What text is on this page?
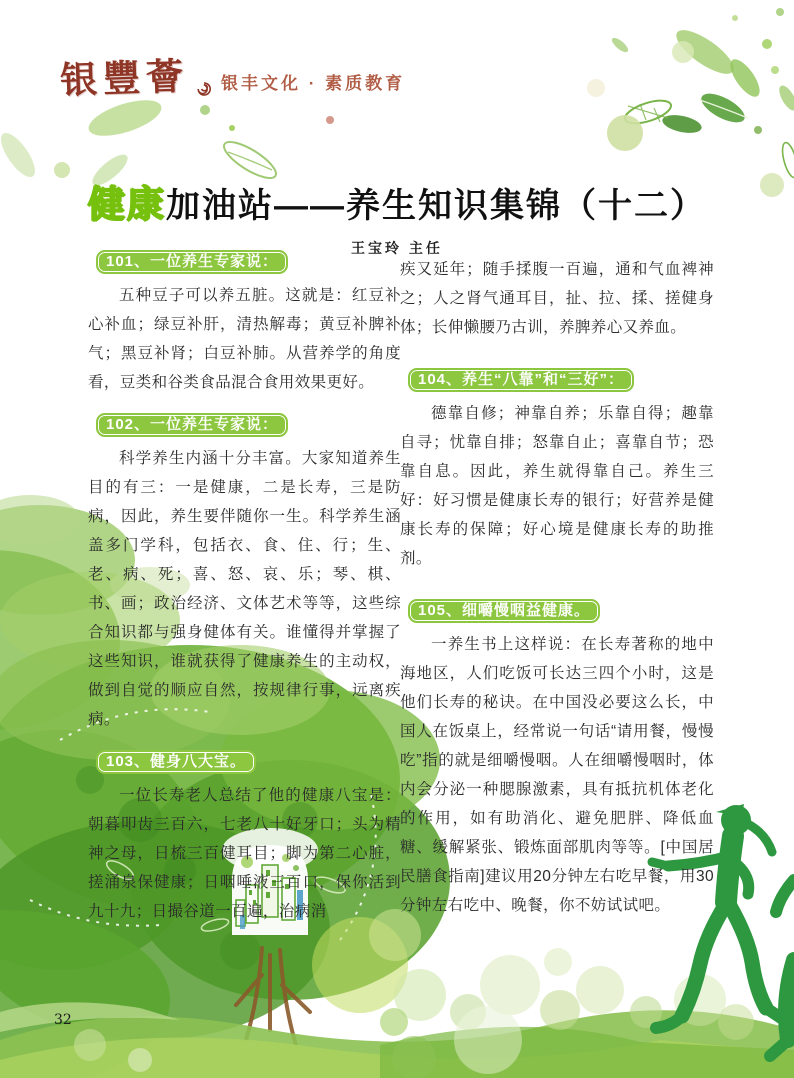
银豐薈 银丰文化 · 素质教育
健康加油站——养生知识集锦（十二）
王宝玲 主任
101、一位养生专家说：

五种豆子可以养五脏。这就是：红豆补心补血；绿豆补肝，清热解毒；黄豆补脾补气；黑豆补肾；白豆补肺。从营养学的角度看，豆类和谷类食品混合食用效果更好。

102、一位养生专家说：

科学养生内涵十分丰富。大家知道养生目的有三：一是健康，二是长寿，三是防病，因此，养生要伴随你一生。科学养生涵盖多门学科，包括衣、食、住、行；生、老、病、死；喜、怒、哀、乐；琴、棋、书、画；政治经济、文体艺术等等，这些综合知识都与强身健体有关。谁懂得并掌握了这些知识，谁就获得了健康养生的主动权，做到自觉的顺应自然，按规律行事，远离疾病。

103、健身八大宝。

一位长寿老人总结了他的健康八宝是：朝暮叩齿三百六，七老八十好牙口；头为精神之母，日梳三百健耳目；脚为第二心脏，搓涌泉保健康；日咽唾液三百口，保你活到九十九；日撮谷道一百遍，治病消

疾又延年；随手揉腹一百遍，通和气血裨神之；人之肾气通耳目，扯、拉、揉、搓健身体；长伸懒腰乃古训，养脾养心又养血。

104、养生“八靠”和“三好”：

德靠自修；神靠自养；乐靠自得；趣靠自寻；忧靠自排；怒靠自止；喜靠自节；恐靠自息。因此，养生就得靠自己。养生三好：好习惯是健康长寿的银行；好营养是健康长寿的保障；好心境是健康长寿的助推剂。

105、细嚼慢咽益健康。

一养生书上这样说：在长寿著称的地中海地区，人们吃饭可长达三四个小时，这是他们长寿的秘诀。在中国没必要这么长，中国人在饭桌上，经常说一句话“请用餐，慢慢吃”指的就是细嚼慢咽。人在细嚼慢咽时，体内会分泌一种腮腺激素，具有抵抗机体老化的作用，如有助消化、避免肥胖、降低血糖、缓解紧张、锻炼面部肌肉等等。[中国居民膳食指南]建议用20分钟左右吃早餐，用30分钟左右吃中、晚餐，你不妨试试吧。

32
